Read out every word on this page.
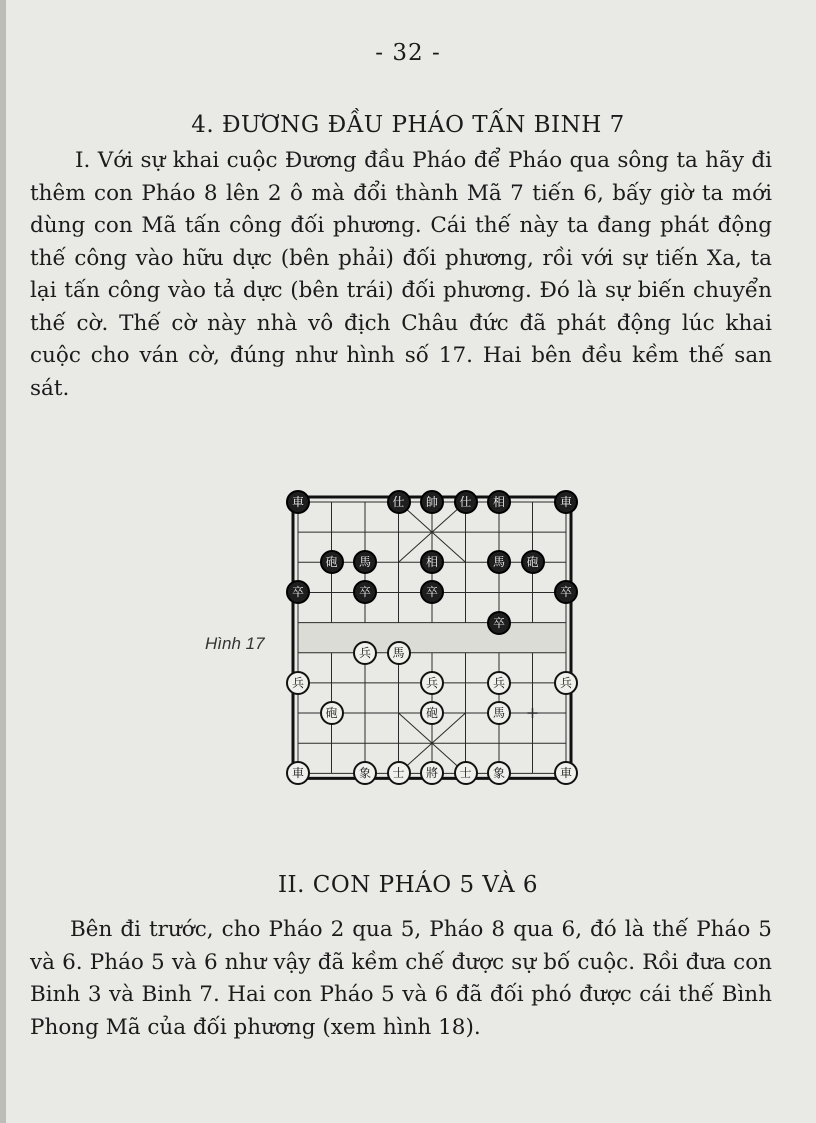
- 32 -
4. ĐƯƠNG ĐẦU PHÁO TẤN BINH 7

I. Với sự khai cuộc Đương đầu Pháo để Pháo qua sông ta hãy đi thêm con Pháo 8 lên 2 ô mà đổi thành Mã 7 tiến 6, bấy giờ ta mới dùng con Mã tấn công đối phương. Cái thế này ta đang phát động thế công vào hữu dực (bên phải) đối phương, rồi với sự tiến Xa, ta lại tấn công vào tả dực (bên trái) đối phương. Đó là sự biến chuyển thế cờ. Thế cờ này nhà vô địch Châu đức đã phát động lúc khai cuộc cho ván cờ, đúng như hình số 17. Hai bên đều kềm thế san sát.

Hình 17
車	仕	帥	仕	相	車
砲	馬	相	馬	砲
卒	卒	卒	卒
卒
兵	馬
兵	兵	兵	兵
砲	砲	馬
車	象	士	將	士	象	車
II. CON PHÁO 5 VÀ 6

Bên đi trước, cho Pháo 2 qua 5, Pháo 8 qua 6, đó là thế Pháo 5 và 6. Pháo 5 và 6 như vậy đã kềm chế được sự bố cuộc. Rồi đưa con Binh 3 và Binh 7. Hai con Pháo 5 và 6 đã đối phó được cái thế Bình Phong Mã của đối phương (xem hình 18).
